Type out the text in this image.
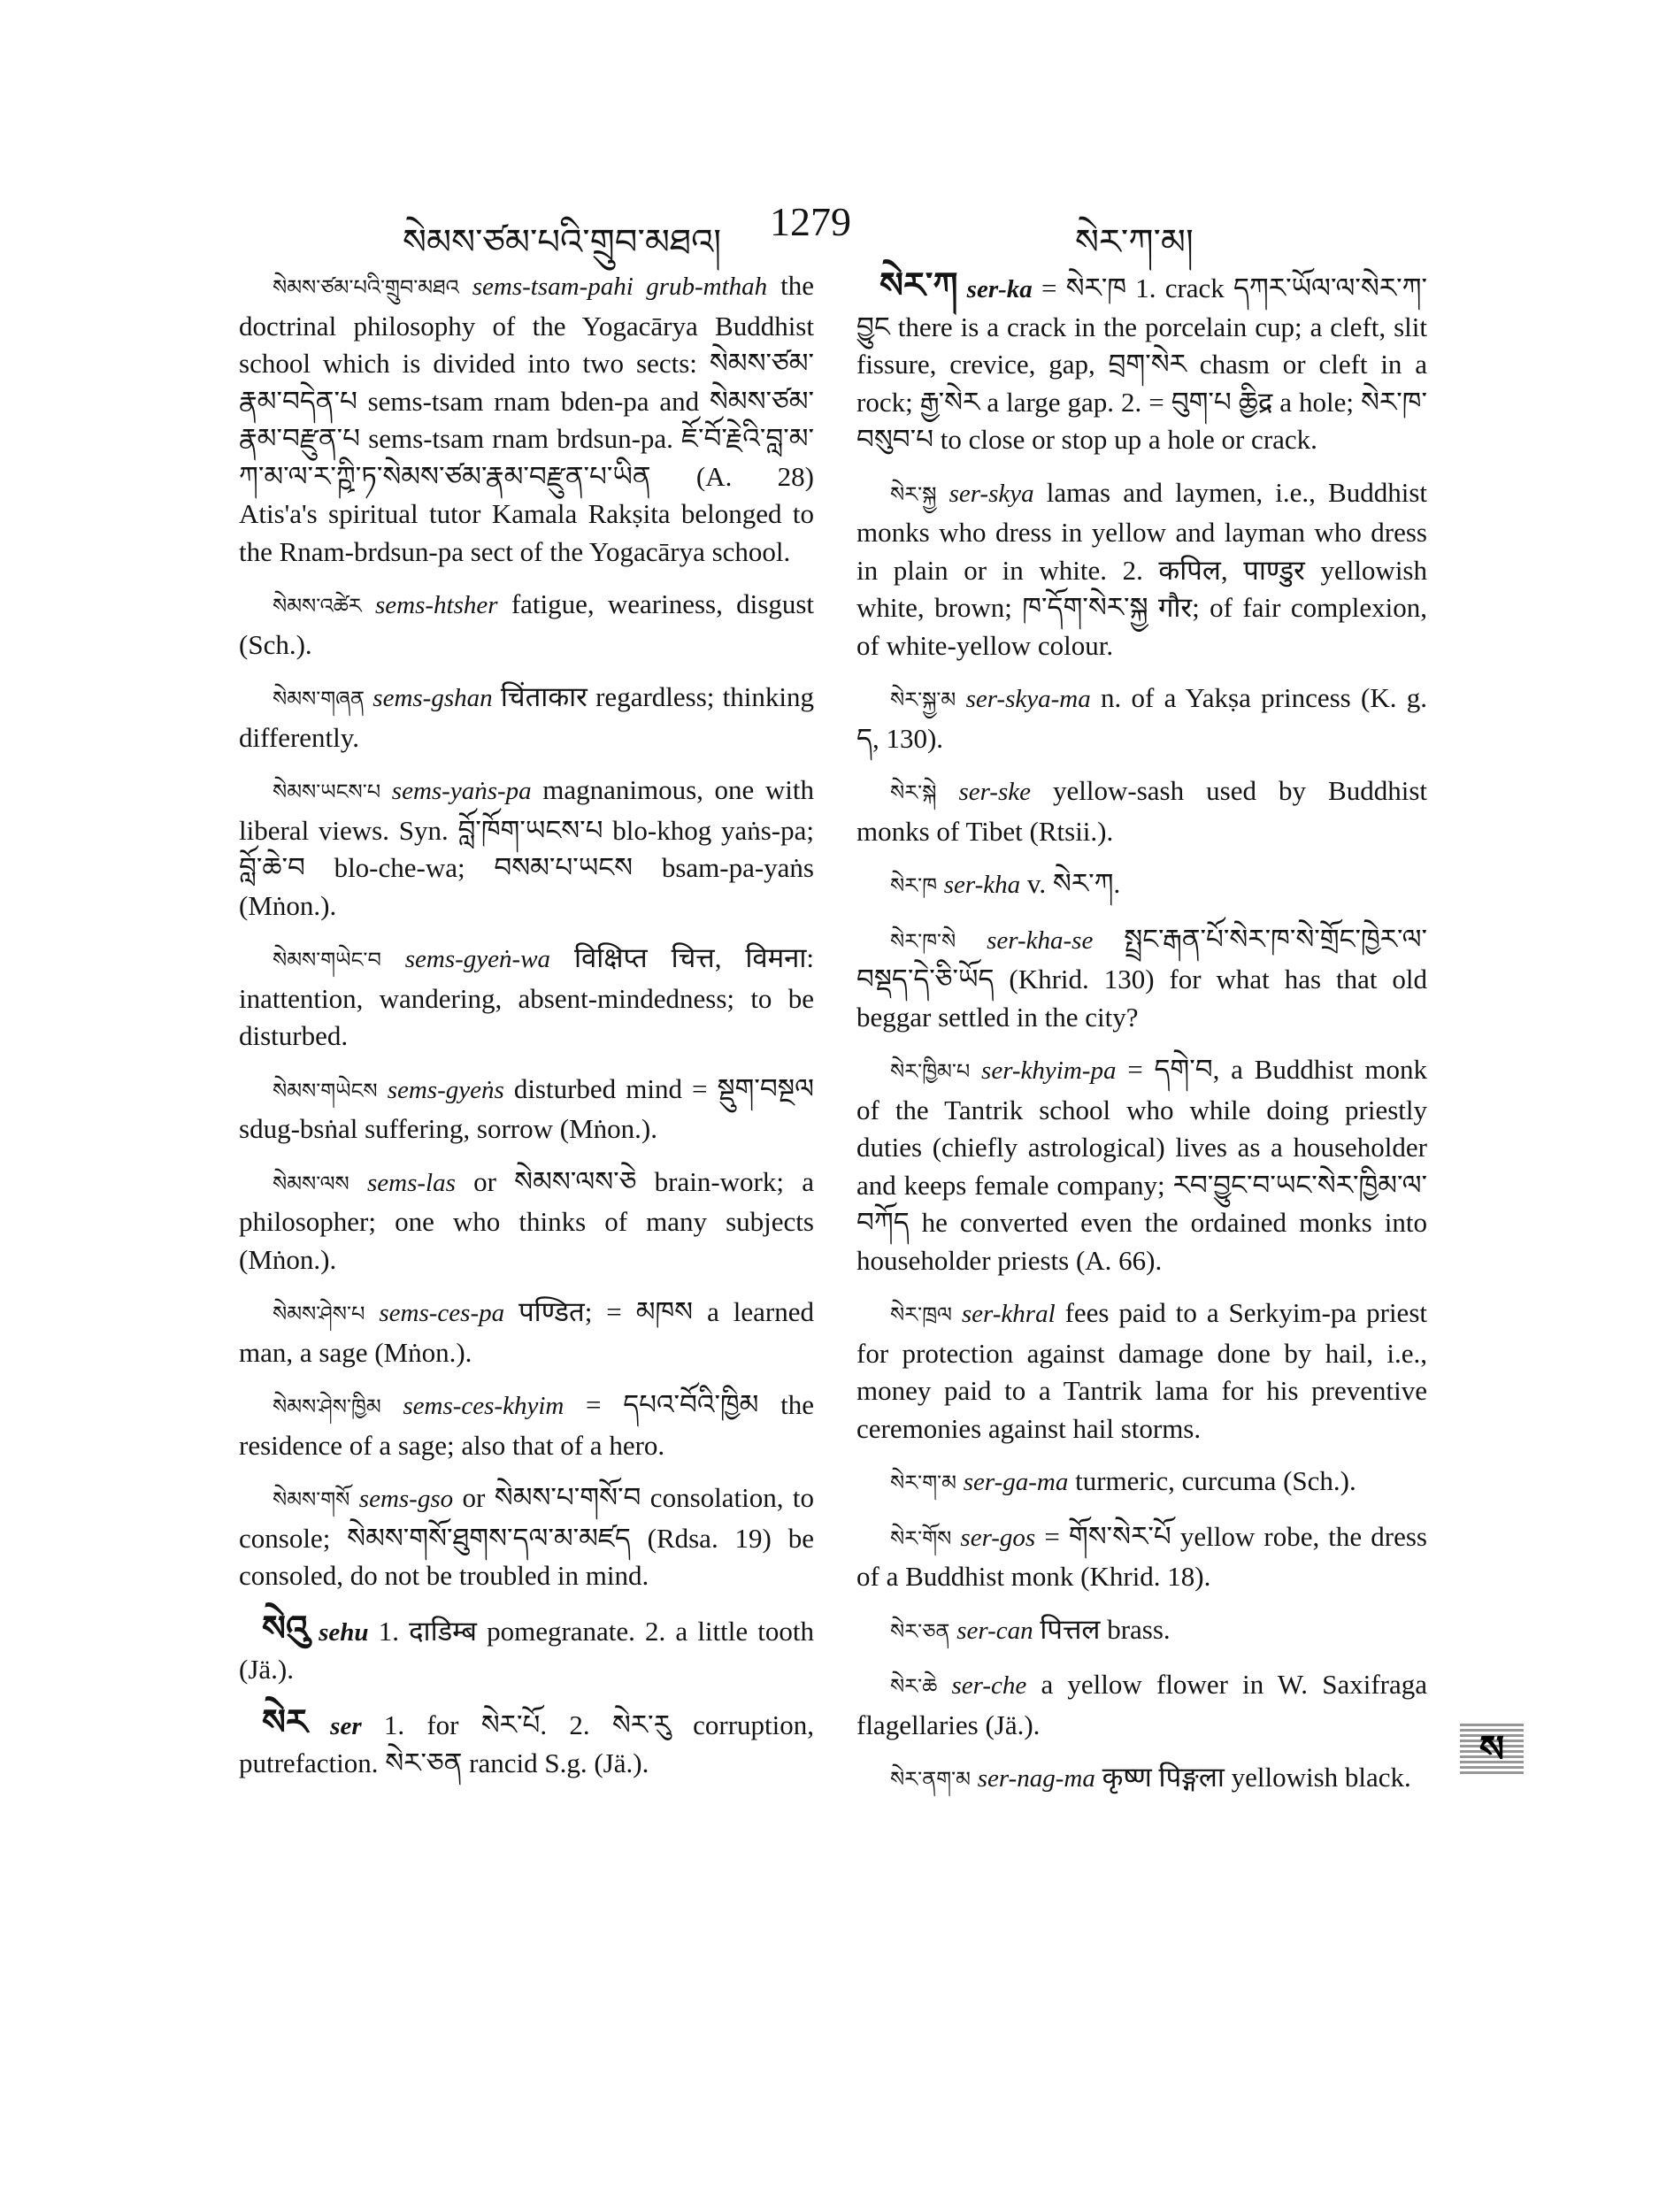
སེམས་ཙམ་པའི་གྲུབ་མཐའ། 1279	སེར་ཀ་མ།

སེམས་ཙམ་པའི་གྲུབ་མཐའ sems-tsam-pahi grub-mthah the doctrinal philosophy of the Yogacārya Buddhist school which is divided into two sects: སེམས་ཙམ་རྣམ་བདེན་པ sems-tsam rnam bden-pa and སེམས་ཙམ་རྣམ་བརྫུན་པ sems-tsam rnam brdsun-pa. ཇོ་བོ་རྗེའི་བླ་མ་ཀ་མ་ལ་ར་ཀྵི་ཏ་སེམས་ཙམ་རྣམ་བརྫུན་པ་ཡིན (A. 28) Atis'a's spiritual tutor Kamala Rakṣita belonged to the Rnam-brdsun-pa sect of the Yogacārya school.

སེམས་འཚེར sems-htsher fatigue, weariness, disgust (Sch.).

སེམས་གཞན sems-gshan चिंताकार regardless; thinking differently.

སེམས་ཡངས་པ sems-yaṅs-pa magnanimous, one with liberal views. Syn. བློ་ཁོག་ཡངས་པ blo-khog yaṅs-pa; བློ་ཆེ་བ blo-che-wa; བསམ་པ་ཡངས bsam-pa-yaṅs (Mṅon.).

སེམས་གཡེང་བ sems-gyeṅ-wa विक्षिप्त चित्त, विमना: inattention, wandering, absent-mindedness; to be disturbed.

སེམས་གཡེངས sems-gyeṅs disturbed mind = སྡུག་བསྔལ sdug-bsṅal suffering, sorrow (Mṅon.).

སེམས་ལས sems-las or སེམས་ལས་ཅེ brain-work; a philosopher; one who thinks of many subjects (Mṅon.).

སེམས་ཤེས་པ sems-ces-pa पण्डित; = མཁས a learned man, a sage (Mṅon.).

སེམས་ཤེས་ཁྱིམ sems-ces-khyim = དཔའ་བོའི་ཁྱིམ the residence of a sage; also that of a hero.

སེམས་གསོ sems-gso or སེམས་པ་གསོ་བ consolation, to console; སེམས་གསོ་ཐུགས་དལ་མ་མཛད (Rdsa. 19) be consoled, do not be troubled in mind.

སེའུ sehu 1. दाडिम्ब pomegranate. 2. a little tooth (Jä.).

སེར ser 1. for སེར་པོ. 2. སེར་རུ corruption, putrefaction. སེར་ཅན rancid S.g. (Jä.).

སེར་ཀ ser-ka = སེར་ཁ 1. crack དཀར་ཡོལ་ལ་སེར་ཀ་བྱུང there is a crack in the porcelain cup; a cleft, slit fissure, crevice, gap, བྲག་སེར chasm or cleft in a rock; རྒྱ་སེར a large gap. 2. = བུག་པ ཆྱིद्र a hole; སེར་ཁ་བསུབ་པ to close or stop up a hole or crack.

སེར་སྐྱ ser-skya lamas and laymen, i.e., Buddhist monks who dress in yellow and layman who dress in plain or in white. 2. कपिल, पाण्डुर yellowish white, brown; ཁ་དོག་སེར་སྐྱ गौर; of fair complexion, of white-yellow colour.

སེར་སྐྱ་མ ser-skya-ma n. of a Yakṣa princess (K. g. ད, 130).

སེར་སྐེ ser-ske yellow-sash used by Buddhist monks of Tibet (Rtsii.).

སེར་ཁ ser-kha v. སེར་ཀ.

སེར་ཁ་སེ ser-kha-se སྤྲང་རྒན་པོ་སེར་ཁ་སེ་གྲོང་ཁྱེར་ལ་བསྡད་དེ་ཅི་ཡོད (Khrid. 130) for what has that old beggar settled in the city?

སེར་ཁྱིམ་པ ser-khyim-pa = དགེ་བ, a Buddhist monk of the Tantrik school who while doing priestly duties (chiefly astrological) lives as a householder and keeps female company; རབ་བྱུང་བ་ཡང་སེར་ཁྱིམ་ལ་བཀོད he converted even the ordained monks into householder priests (A. 66).

སེར་ཁྲལ ser-khral fees paid to a Serkyim-pa priest for protection against damage done by hail, i.e., money paid to a Tantrik lama for his preventive ceremonies against hail storms.

སེར་ག་མ ser-ga-ma turmeric, curcuma (Sch.).

སེར་གོས ser-gos = གོས་སེར་པོ yellow robe, the dress of a Buddhist monk (Khrid. 18).

སེར་ཅན ser-can पित्तल brass.

སེར་ཆེ ser-che a yellow flower in W. Saxifraga flagellaries (Jä.).

སེར་ནག་མ ser-nag-ma कृष्ण पिङ्गला yellowish black.

ས
